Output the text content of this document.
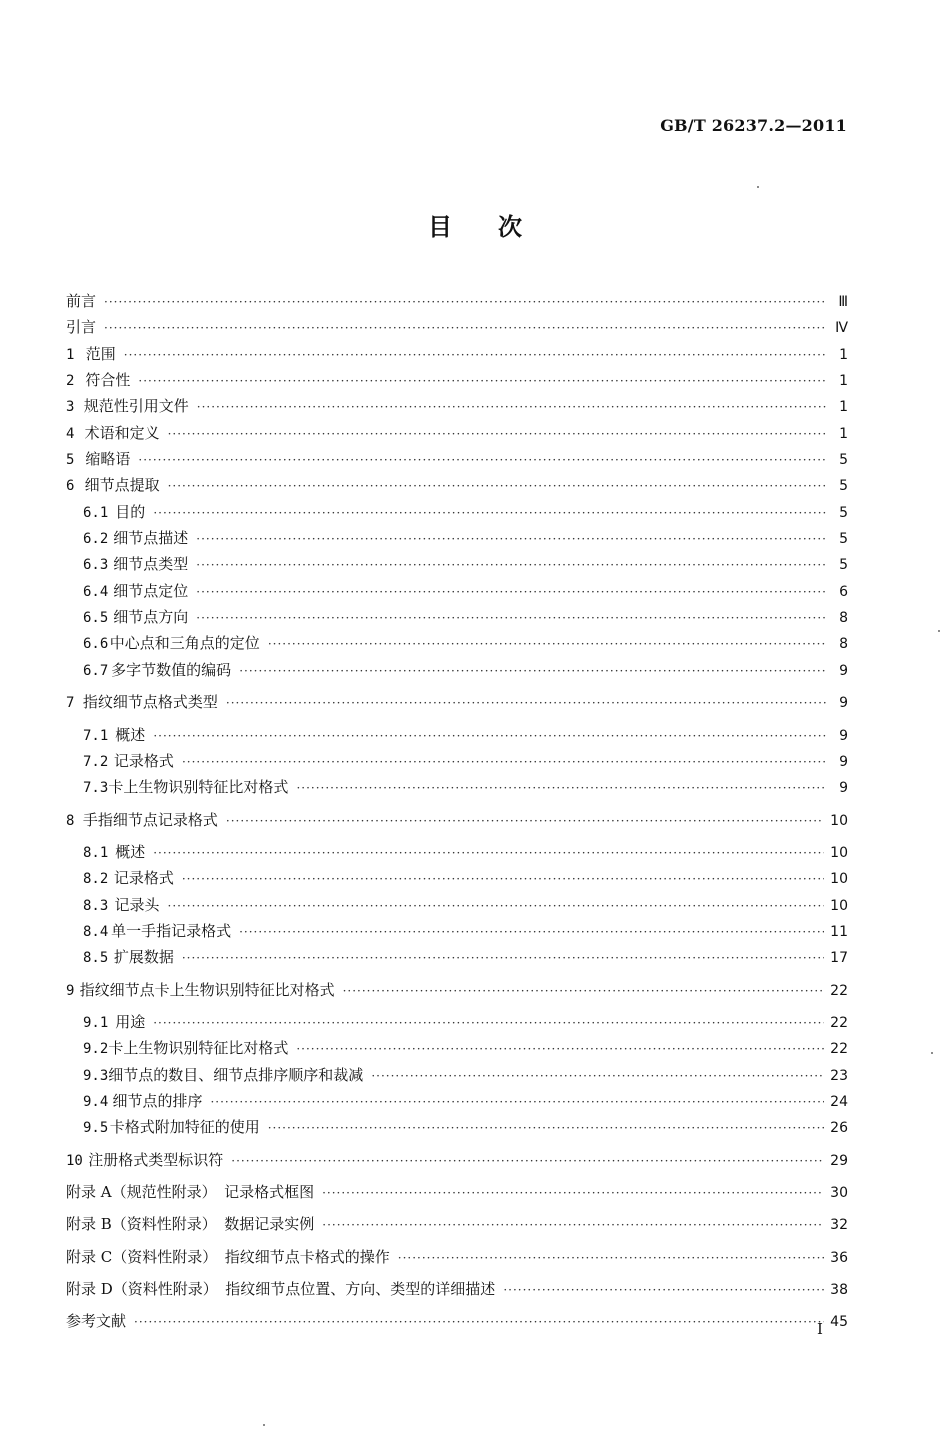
GB/T 26237.2—2011
目 次
前言 ·····	Ⅲ
引言 ·····	Ⅳ
1 范围 ·····	1
2 符合性 ·····	1
3 规范性引用文件 ·····	1
4 术语和定义 ·····	1
5 缩略语 ·····	5
6 细节点提取 ·····	5
6.1 目的 ·····	5
6.2 细节点描述 ·····	5
6.3 细节点类型 ·····	5
6.4 细节点定位 ·····	6
6.5 细节点方向 ·····	8
6.6 中心点和三角点的定位 ·····	8
6.7 多字节数值的编码 ·····	9
7 指纹细节点格式类型 ·····	9
7.1 概述 ·····	9
7.2 记录格式 ·····	9
7.3 卡上生物识别特征比对格式 ·····	9
8 手指细节点记录格式 ·····	10
8.1 概述 ·····	10
8.2 记录格式 ·····	10
8.3 记录头 ·····	10
8.4 单一手指记录格式 ·····	11
8.5 扩展数据 ·····	17
9 指纹细节点卡上生物识别特征比对格式 ·····	22
9.1 用途 ·····	22
9.2 卡上生物识别特征比对格式 ·····	22
9.3 细节点的数目、细节点排序顺序和裁减 ·····	23
9.4 细节点的排序 ·····	24
9.5 卡格式附加特征的使用 ·····	26
10 注册格式类型标识符 ·····	29
附录 A（规范性附录）　记录格式框图 ·····	30
附录 B（资料性附录）　数据记录实例 ·····	32
附录 C（资料性附录）　指纹细节点卡格式的操作 ·····	36
附录 D（资料性附录）　指纹细节点位置、方向、类型的详细描述 ·····	38
参考文献 ·····	45
I
